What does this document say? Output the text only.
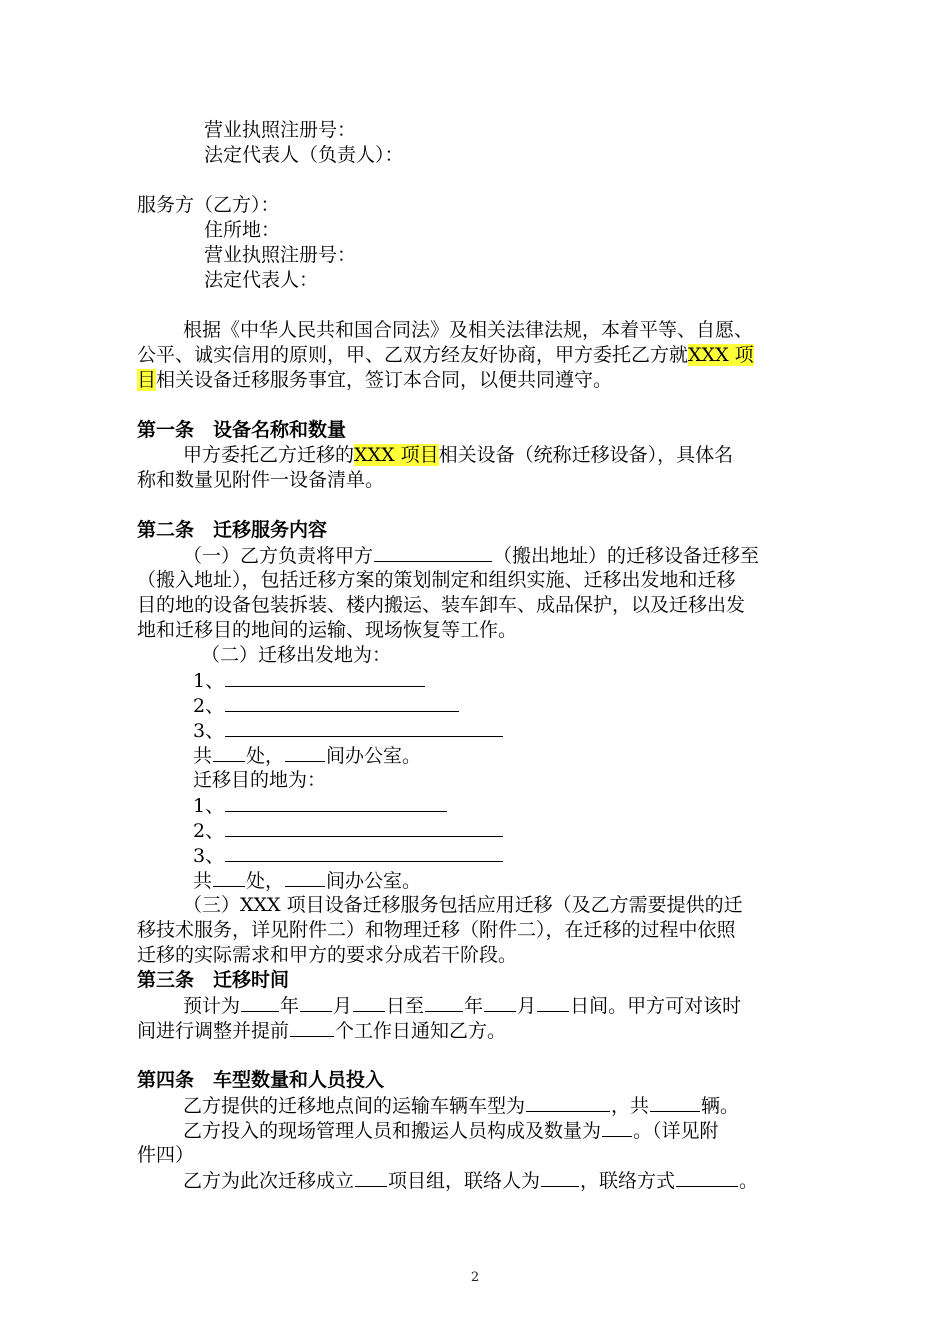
营业执照注册号：
法定代表人（负责人）：
服务方（乙方）：
住所地：
营业执照注册号：
法定代表人：
根据《中华人民共和国合同法》及相关法律法规，本着平等、自愿、
公平、诚实信用的原则，甲、乙双方经友好协商，甲方委托乙方就XXX 项
目相关设备迁移服务事宜，签订本合同，以便共同遵守。
第一条　设备名称和数量
甲方委托乙方迁移的XXX 项目相关设备（统称迁移设备），具体名
称和数量见附件一设备清单。
第二条　迁移服务内容
（一）乙方负责将甲方	（搬出地址）的迁移设备迁移至
（搬入地址），包括迁移方案的策划制定和组织实施、迁移出发地和迁移
目的地的设备包装拆装、楼内搬运、装车卸车、成品保护，以及迁移出发
地和迁移目的地间的运输、现场恢复等工作。
（二）迁移出发地为：
1、
2、
3、
共 处， 间办公室。
迁移目的地为：
1、
2、
3、
共 处， 间办公室。
（三）XXX 项目设备迁移服务包括应用迁移（及乙方需要提供的迁
移技术服务，详见附件二）和物理迁移（附件二），在迁移的过程中依照
迁移的实际需求和甲方的要求分成若干阶段。
第三条　迁移时间
预计为 年 月 日至 年 月 日间。甲方可对该时
间进行调整并提前 个工作日通知乙方。
第四条　车型数量和人员投入
乙方提供的迁移地点间的运输车辆车型为	，共	辆。
乙方投入的现场管理人员和搬运人员构成及数量为 。（详见附
件四）
乙方为此次迁移成立 项目组，联络人为 ，联络方式	。
2
